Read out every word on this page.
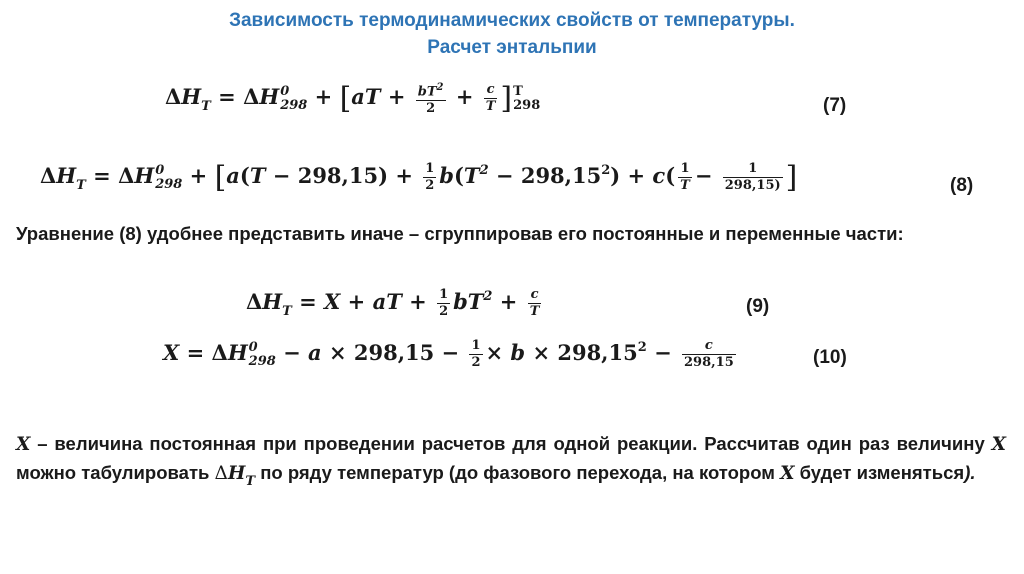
Зависимость термодинамических свойств от температуры.
Расчет энтальпии
$\Delta H_T = \Delta H$ 0
$298 + [aT + \frac{bT^2}{2} + \frac{c}{T}$ ] T
298	(7)
$\Delta H_T = \Delta H$ 0
$298 + [a(T - 298,15) + \frac{1}{2} b(T^2 - 298,15^2) + c( \frac{1}{T} - \frac{1}{298,15)}$ ]	(8)
Уравнение (8) удобнее представить иначе – сгруппировав его постоянные и переменные части:
$\Delta H_T = X$ + aT + $\frac{1}{2} bT^2 + \frac{c}{T}$	(9)
X = ΔH 0
$298 - a \times 298,15 - \frac{1}{2} \times b \times 298,15^2 - \frac{c}{298,15}$	(10)
X – величина постоянная при проведении расчетов для одной реакции. Рассчитав один раз величину X можно табулировать $\Delta H_T$ по ряду температур (до фазового перехода, на котором X будет изменяться).
